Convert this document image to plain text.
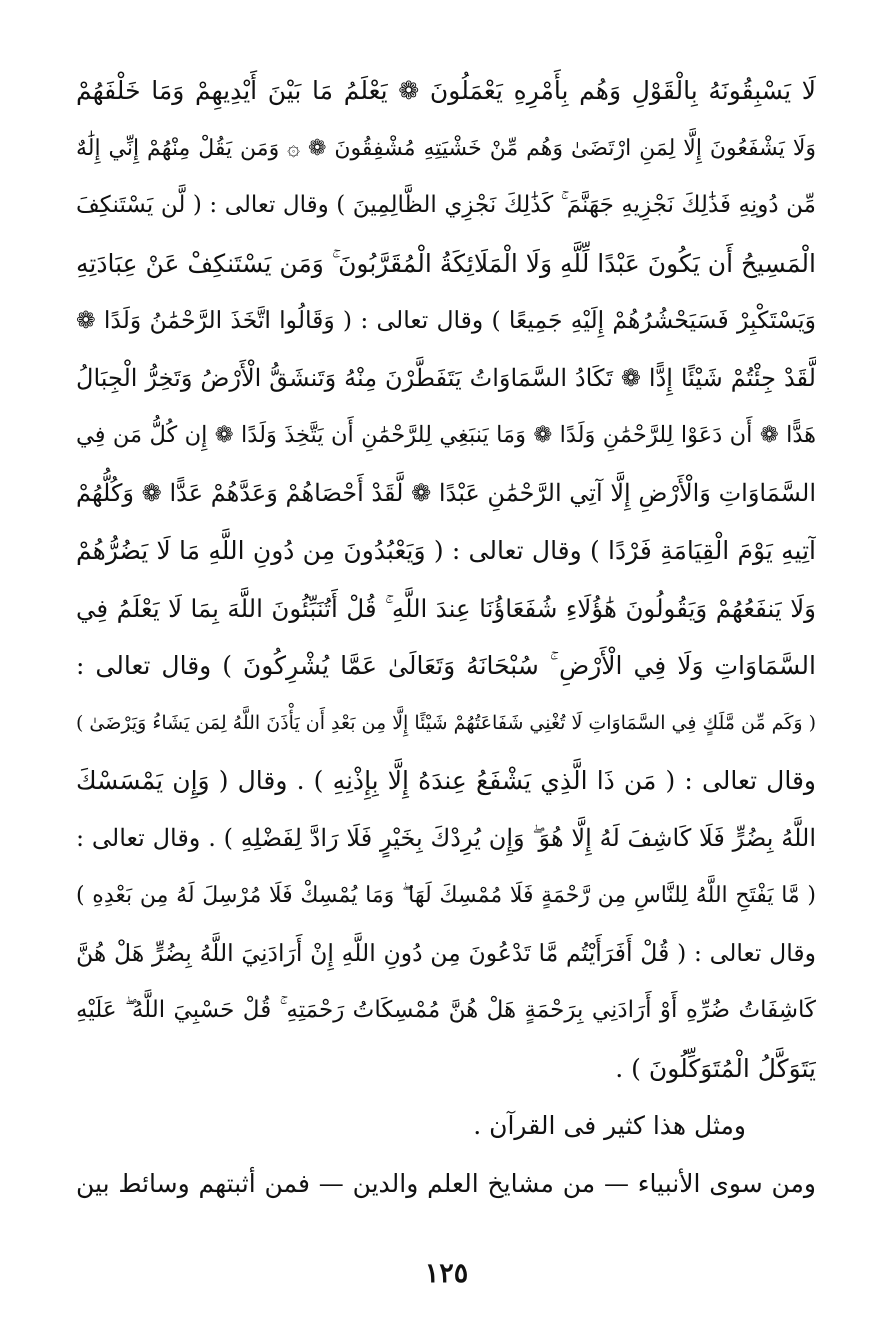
لَا يَسْبِقُونَهُ بِالْقَوْلِ وَهُم بِأَمْرِهِ يَعْمَلُونَ ❁ يَعْلَمُ مَا بَيْنَ أَيْدِيهِمْ وَمَا خَلْفَهُمْ
وَلَا يَشْفَعُونَ إِلَّا لِمَنِ ارْتَضَىٰ وَهُم مِّنْ خَشْيَتِهِ مُشْفِقُونَ ❁ ۞ وَمَن يَقُلْ مِنْهُمْ إِنِّي إِلَٰهٌ
مِّن دُونِهِ فَذَٰلِكَ نَجْزِيهِ جَهَنَّمَ ۚ كَذَٰلِكَ نَجْزِي الظَّالِمِينَ ) وقال تعالى : ( لَّن يَسْتَنكِفَ
الْمَسِيحُ أَن يَكُونَ عَبْدًا لِّلَّهِ وَلَا الْمَلَائِكَةُ الْمُقَرَّبُونَ ۚ وَمَن يَسْتَنكِفْ عَنْ عِبَادَتِهِ
وَيَسْتَكْبِرْ فَسَيَحْشُرُهُمْ إِلَيْهِ جَمِيعًا ) وقال تعالى : ( وَقَالُوا اتَّخَذَ الرَّحْمَٰنُ وَلَدًا ❁
لَّقَدْ جِئْتُمْ شَيْئًا إِدًّا ❁ تَكَادُ السَّمَاوَاتُ يَتَفَطَّرْنَ مِنْهُ وَتَنشَقُّ الْأَرْضُ وَتَخِرُّ الْجِبَالُ
هَدًّا ❁ أَن دَعَوْا لِلرَّحْمَٰنِ وَلَدًا ❁ وَمَا يَنبَغِي لِلرَّحْمَٰنِ أَن يَتَّخِذَ وَلَدًا ❁ إِن كُلُّ مَن فِي
السَّمَاوَاتِ وَالْأَرْضِ إِلَّا آتِي الرَّحْمَٰنِ عَبْدًا ❁ لَّقَدْ أَحْصَاهُمْ وَعَدَّهُمْ عَدًّا ❁ وَكُلُّهُمْ
آتِيهِ يَوْمَ الْقِيَامَةِ فَرْدًا ) وقال تعالى : ( وَيَعْبُدُونَ مِن دُونِ اللَّهِ مَا لَا يَضُرُّهُمْ
وَلَا يَنفَعُهُمْ وَيَقُولُونَ هَٰؤُلَاءِ شُفَعَاؤُنَا عِندَ اللَّهِ ۚ قُلْ أَتُنَبِّئُونَ اللَّهَ بِمَا لَا يَعْلَمُ فِي
السَّمَاوَاتِ وَلَا فِي الْأَرْضِ ۚ سُبْحَانَهُ وَتَعَالَىٰ عَمَّا يُشْرِكُونَ ) وقال تعالى :
( وَكَم مِّن مَّلَكٍ فِي السَّمَاوَاتِ لَا تُغْنِي شَفَاعَتُهُمْ شَيْئًا إِلَّا مِن بَعْدِ أَن يَأْذَنَ اللَّهُ لِمَن يَشَاءُ وَيَرْضَىٰ )
وقال تعالى : ( مَن ذَا الَّذِي يَشْفَعُ عِندَهُ إِلَّا بِإِذْنِهِ ) . وقال ( وَإِن يَمْسَسْكَ
اللَّهُ بِضُرٍّ فَلَا كَاشِفَ لَهُ إِلَّا هُوَ ۖ وَإِن يُرِدْكَ بِخَيْرٍ فَلَا رَادَّ لِفَضْلِهِ ) . وقال تعالى :
( مَّا يَفْتَحِ اللَّهُ لِلنَّاسِ مِن رَّحْمَةٍ فَلَا مُمْسِكَ لَهَا ۖ وَمَا يُمْسِكْ فَلَا مُرْسِلَ لَهُ مِن بَعْدِهِ )
وقال تعالى : ( قُلْ أَفَرَأَيْتُم مَّا تَدْعُونَ مِن دُونِ اللَّهِ إِنْ أَرَادَنِيَ اللَّهُ بِضُرٍّ هَلْ هُنَّ
كَاشِفَاتُ ضُرِّهِ أَوْ أَرَادَنِي بِرَحْمَةٍ هَلْ هُنَّ مُمْسِكَاتُ رَحْمَتِهِ ۚ قُلْ حَسْبِيَ اللَّهُ ۖ عَلَيْهِ
يَتَوَكَّلُ الْمُتَوَكِّلُونَ ) .
ومثل هذا كثير فى القرآن .
ومن سوى الأنبياء — من مشايخ العلم والدين — فمن أثبتهم وسائط بين
١٢٥
